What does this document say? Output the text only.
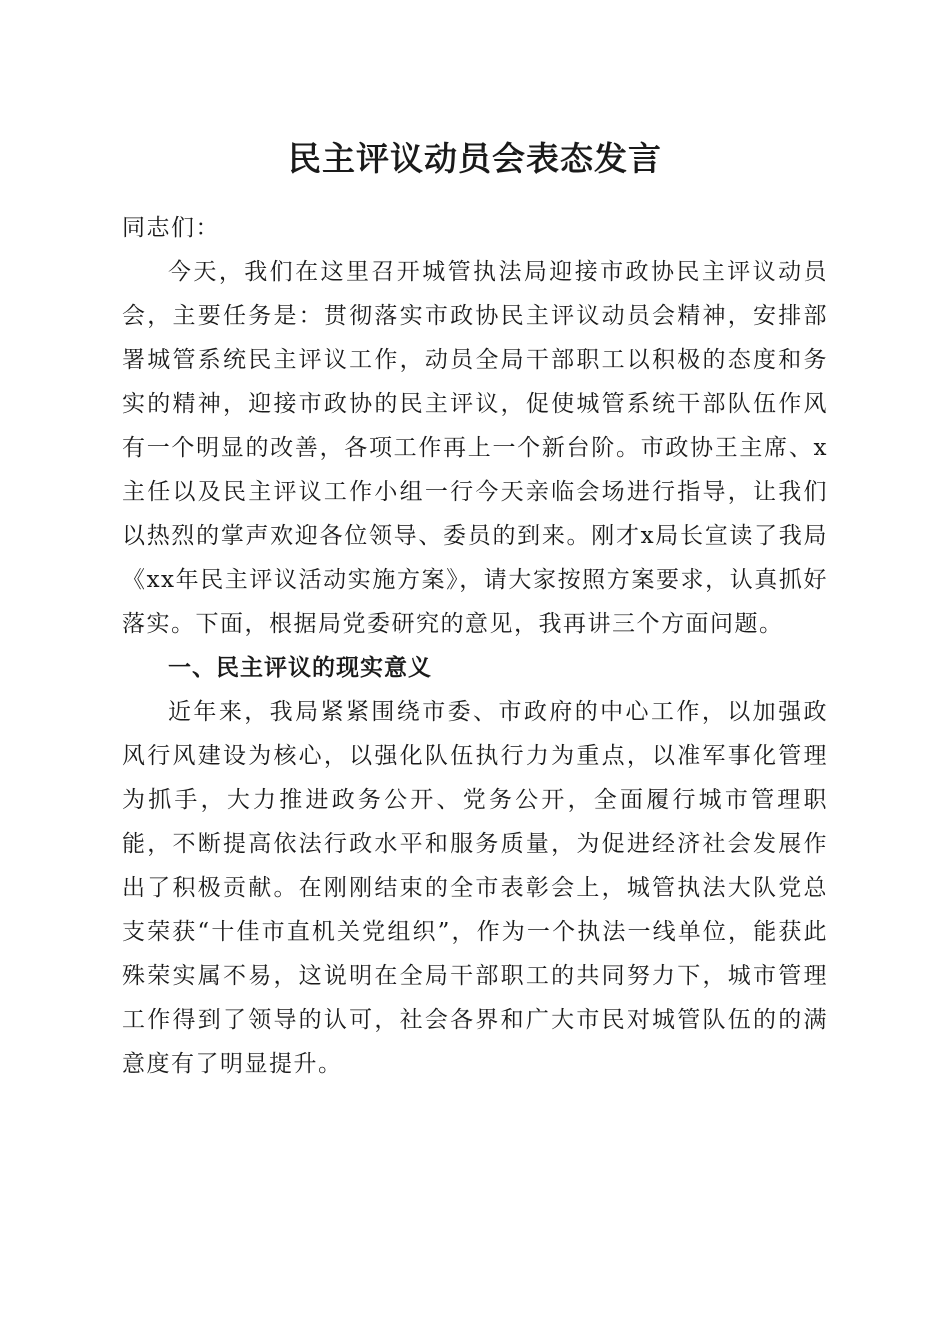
民主评议动员会表态发言

同志们：

今天，我们在这里召开城管执法局迎接市政协民主评议动员会，主要任务是：贯彻落实市政协民主评议动员会精神，安排部署城管系统民主评议工作，动员全局干部职工以积极的态度和务实的精神，迎接市政协的民主评议，促使城管系统干部队伍作风有一个明显的改善，各项工作再上一个新台阶。市政协王主席、x主任以及民主评议工作小组一行今天亲临会场进行指导，让我们以热烈的掌声欢迎各位领导、委员的到来。刚才x局长宣读了我局《xx年民主评议活动实施方案》，请大家按照方案要求，认真抓好落实。下面，根据局党委研究的意见，我再讲三个方面问题。

一、民主评议的现实意义

近年来，我局紧紧围绕市委、市政府的中心工作，以加强政风行风建设为核心，以强化队伍执行力为重点，以准军事化管理为抓手，大力推进政务公开、党务公开，全面履行城市管理职能，不断提高依法行政水平和服务质量，为促进经济社会发展作出了积极贡献。在刚刚结束的全市表彰会上，城管执法大队党总支荣获“十佳市直机关党组织”，作为一个执法一线单位，能获此殊荣实属不易，这说明在全局干部职工的共同努力下，城市管理工作得到了领导的认可，社会各界和广大市民对城管队伍的的满意度有了明显提升。
